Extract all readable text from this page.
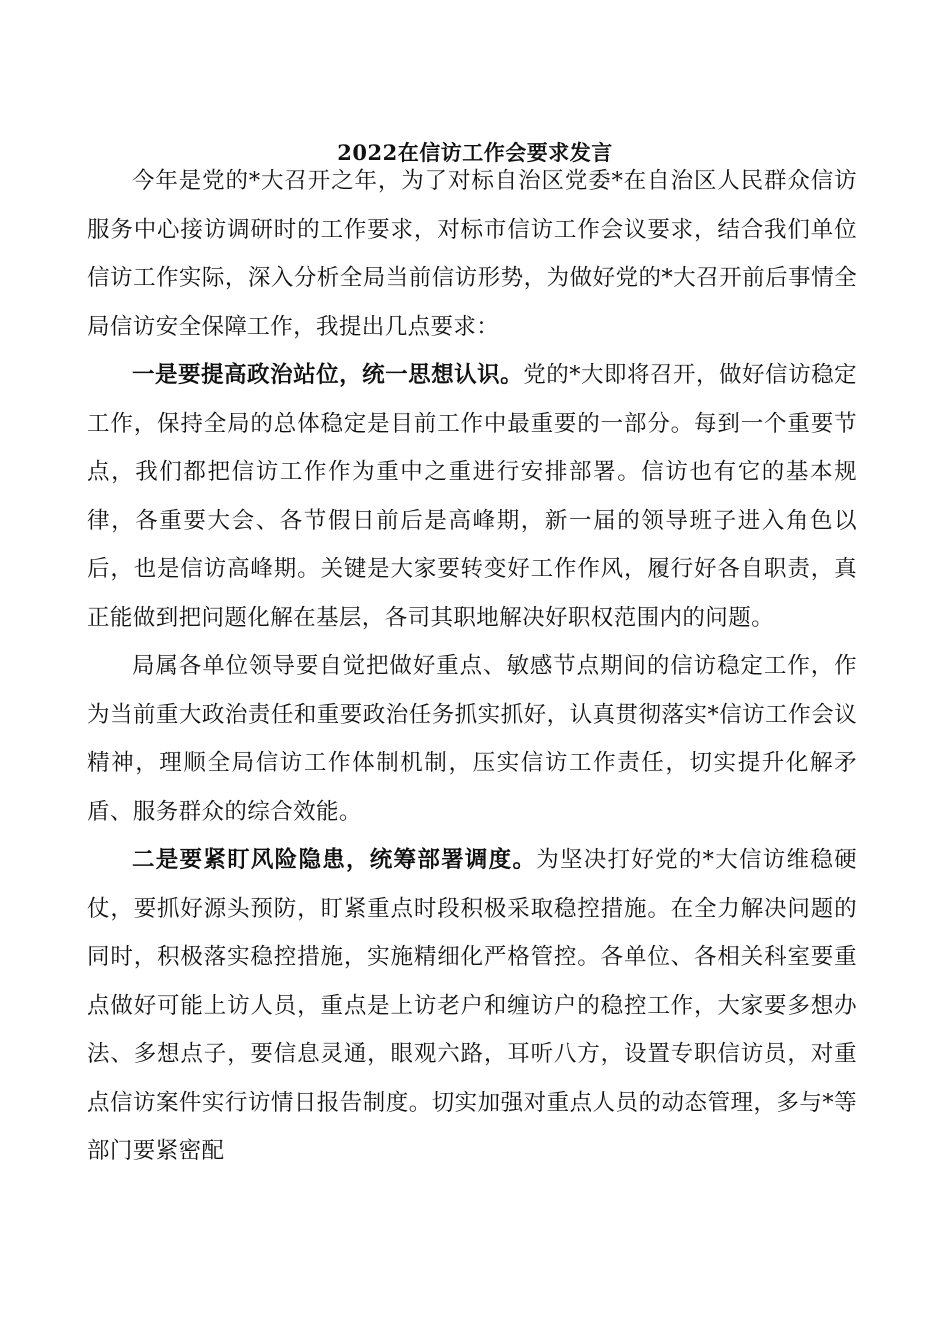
2022在信访工作会要求发言

今年是党的*大召开之年，为了对标自治区党委*在自治区人民群众信访服务中心接访调研时的工作要求，对标市信访工作会议要求，结合我们单位信访工作实际，深入分析全局当前信访形势，为做好党的*大召开前后事情全局信访安全保障工作，我提出几点要求：

一是要提高政治站位，统一思想认识。党的*大即将召开，做好信访稳定工作，保持全局的总体稳定是目前工作中最重要的一部分。每到一个重要节点，我们都把信访工作作为重中之重进行安排部署。信访也有它的基本规律，各重要大会、各节假日前后是高峰期，新一届的领导班子进入角色以后，也是信访高峰期。关键是大家要转变好工作作风，履行好各自职责，真正能做到把问题化解在基层，各司其职地解决好职权范围内的问题。

局属各单位领导要自觉把做好重点、敏感节点期间的信访稳定工作，作为当前重大政治责任和重要政治任务抓实抓好，认真贯彻落实*信访工作会议精神，理顺全局信访工作体制机制，压实信访工作责任，切实提升化解矛盾、服务群众的综合效能。

二是要紧盯风险隐患，统筹部署调度。为坚决打好党的*大信访维稳硬仗，要抓好源头预防，盯紧重点时段积极采取稳控措施。在全力解决问题的同时，积极落实稳控措施，实施精细化严格管控。各单位、各相关科室要重点做好可能上访人员，重点是上访老户和缠访户的稳控工作，大家要多想办法、多想点子，要信息灵通，眼观六路，耳听八方，设置专职信访员，对重点信访案件实行访情日报告制度。切实加强对重点人员的动态管理，多与*等部门要紧密配
